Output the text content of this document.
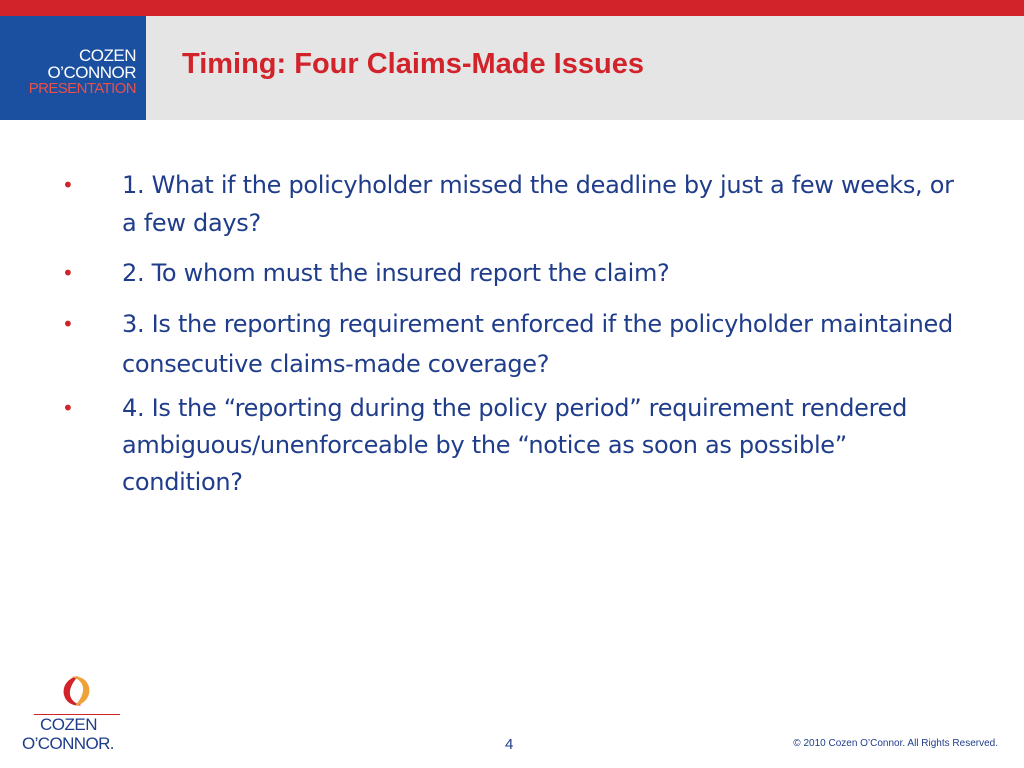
COZEN
O’CONNOR
PRESENTATION
Timing: Four Claims-Made Issues
• 1. What if the policyholder missed the deadline by just a few weeks, or a few days?
• 2. To whom must the insured report the claim?
• 3. Is the reporting requirement enforced if the policyholder maintained consecutive claims-made coverage?
• 4. Is the “reporting during the policy period” requirement rendered ambiguous/unenforceable by the “notice as soon as possible” condition?
COZEN
O’CONNOR.	4	© 2010 Cozen O’Connor. All Rights Reserved.
